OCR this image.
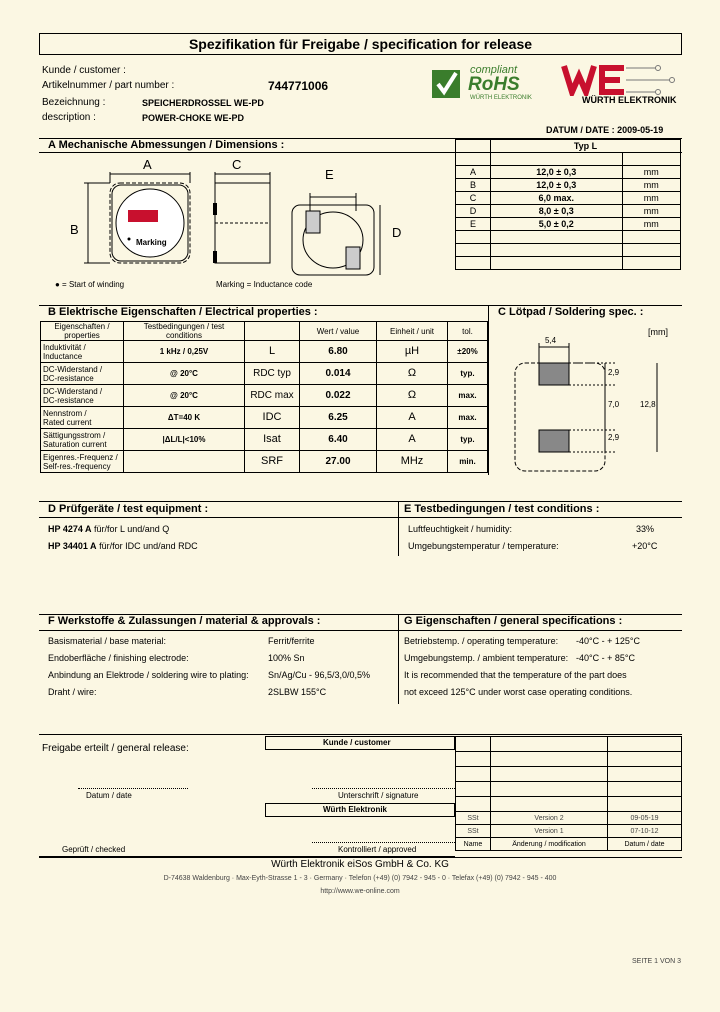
Spezifikation für Freigabe / specification for release
Kunde / customer :
Artikelnummer / part number :	744771006
Bezeichnung :	SPEICHERDROSSEL WE-PD
description :	POWER-CHOKE WE-PD
compliant
RoHS
WÜRTH ELEKTRONIK	WÜRTH ELEKTRONIK
DATUM / DATE : 2009-05-19
A Mechanische Abmessungen / Dimensions :
A
B
C
E
D
Marking
● = Start of winding	Marking = Inductance code
	Typ L	

A	12,0 ± 0,3	mm
B	12,0 ± 0,3	mm
C	6,0 max.	mm
D	8,0 ± 0,3	mm
E	5,0 ± 0,2	mm

B Elektrische Eigenschaften / Electrical properties :	C Lötpad / Soldering spec. :
Eigenschaften / properties	Testbedingungen / test conditions		Wert / value	Einheit / unit	tol.

Induktivität /
Inductance	1 kHz / 0,25V	L	6.80	µH	±20%

DC-Widerstand /
DC-resistance	@ 20°C	RDC typ	0.014	Ω	typ.

DC-Widerstand /
DC-resistance	@ 20°C	RDC max	0.022	Ω	max.

Nennstrom /
Rated current	ΔT=40 K	IDC	6.25	A	max.

Sättigungsstrom /
Saturation current	|ΔL/L|<10%	Isat	6.40	A	typ.

Eigenres.-Frequenz /
Self-res.-frequency		SRF	27.00	MHz	min.
[mm]
5,4
2,9
7,0	12,8
2,9
D Prüfgeräte / test equipment :	E Testbedingungen / test conditions :
HP 4274 A für/for L und/and Q
HP 34401 A für/for IDC und/and RDC
Luftfeuchtigkeit / humidity:	33%
Umgebungstemperatur / temperature:	+20°C
F Werkstoffe & Zulassungen / material & approvals :	G Eigenschaften / general specifications :
Basismaterial / base material:	Ferrit/ferrite
Endoberfläche / finishing electrode:	100% Sn
Anbindung an Elektrode / soldering wire to plating: Sn/Ag/Cu - 96,5/3,0/0,5%
Draht / wire:	2SLBW 155°C
Betriebstemp. / operating temperature: -40°C - + 125°C
Umgebungstemp. / ambient temperature: -40°C - + 85°C
It is recommended that the temperature of the part does
not exceed 125°C under worst case operating conditions.
Freigabe erteilt / general release:
Kunde / customer
Datum / date	Unterschrift / signature
Würth Elektronik
Geprüft / checked	Kontrolliert / approved

SSt	Version 2	09-05-19
SSt	Version 1	07-10-12
Name	Änderung / modification	Datum / date
Würth Elektronik eiSos GmbH & Co. KG
D-74638 Waldenburg · Max-Eyth-Strasse 1 - 3 · Germany · Telefon (+49) (0) 7942 - 945 - 0 · Telefax (+49) (0) 7942 - 945 - 400
http://www.we-online.com
SEITE 1 VON 3
